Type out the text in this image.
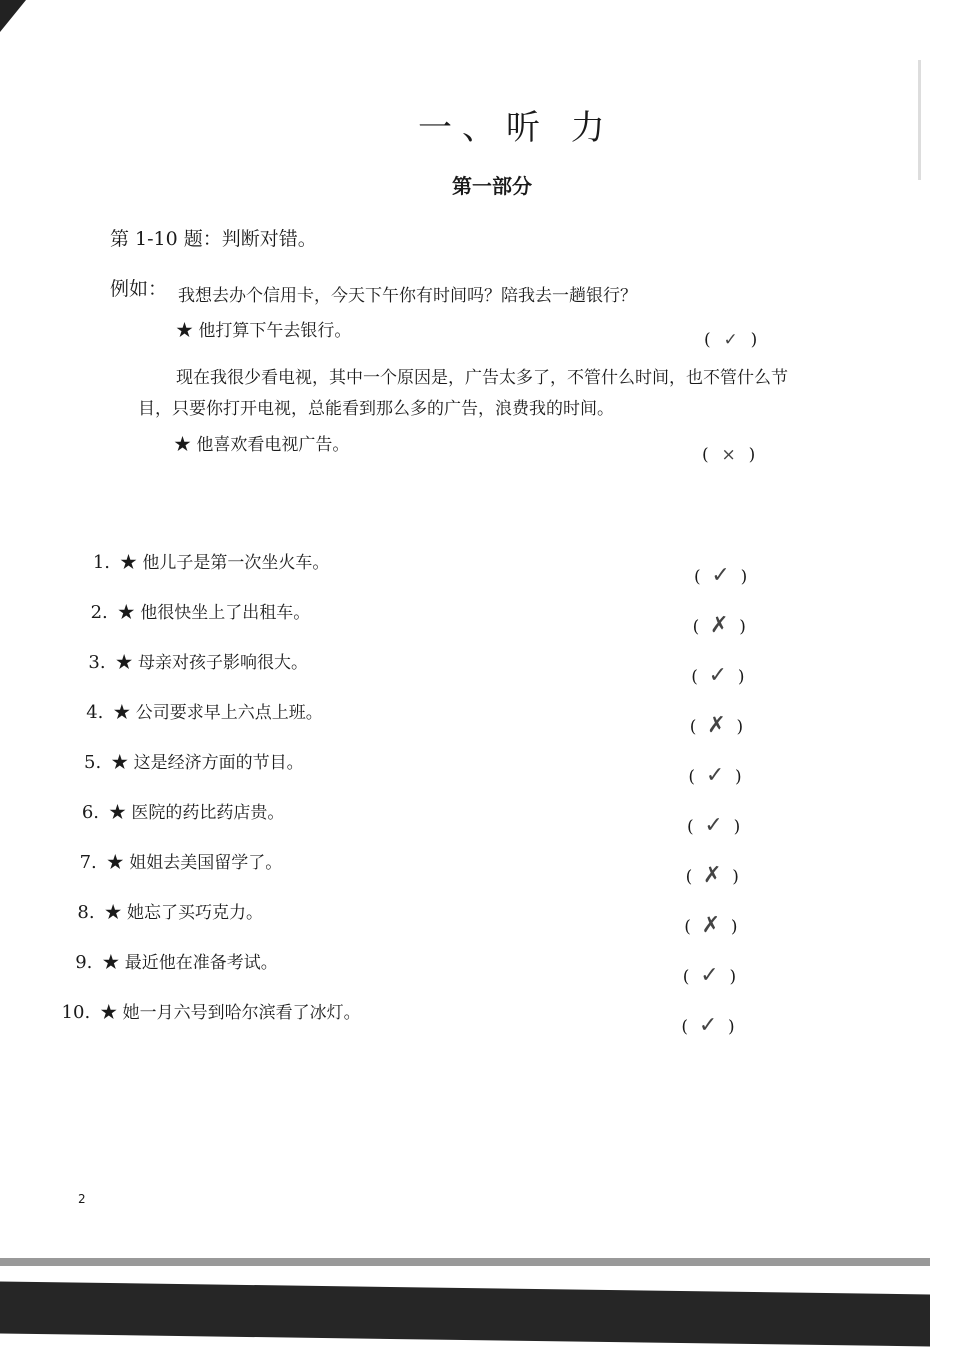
一、听 力
第一部分
第 1-10 题：判断对错。
例如： 我想去办个信用卡，今天下午你有时间吗？陪我去一趟银行？
★ 他打算下午去银行。	( ✓ )
现在我很少看电视，其中一个原因是，广告太多了，不管什么时间，也不管什么节
目，只要你打开电视，总能看到那么多的广告，浪费我的时间。
★ 他喜欢看电视广告。	( × )
1. ★ 他儿子是第一次坐火车。
( ✓ )
2. ★ 他很快坐上了出租车。
( ✗ )
3. ★ 母亲对孩子影响很大。
( ✓ )
4. ★ 公司要求早上六点上班。
( ✗ )
5. ★ 这是经济方面的节目。
( ✓ )
6. ★ 医院的药比药店贵。
( ✓ )
7. ★ 姐姐去美国留学了。
( ✗ )
8. ★ 她忘了买巧克力。
( ✗ )
9. ★ 最近他在准备考试。
( ✓ )
10. ★ 她一月六号到哈尔滨看了冰灯。
( ✓ )
2
